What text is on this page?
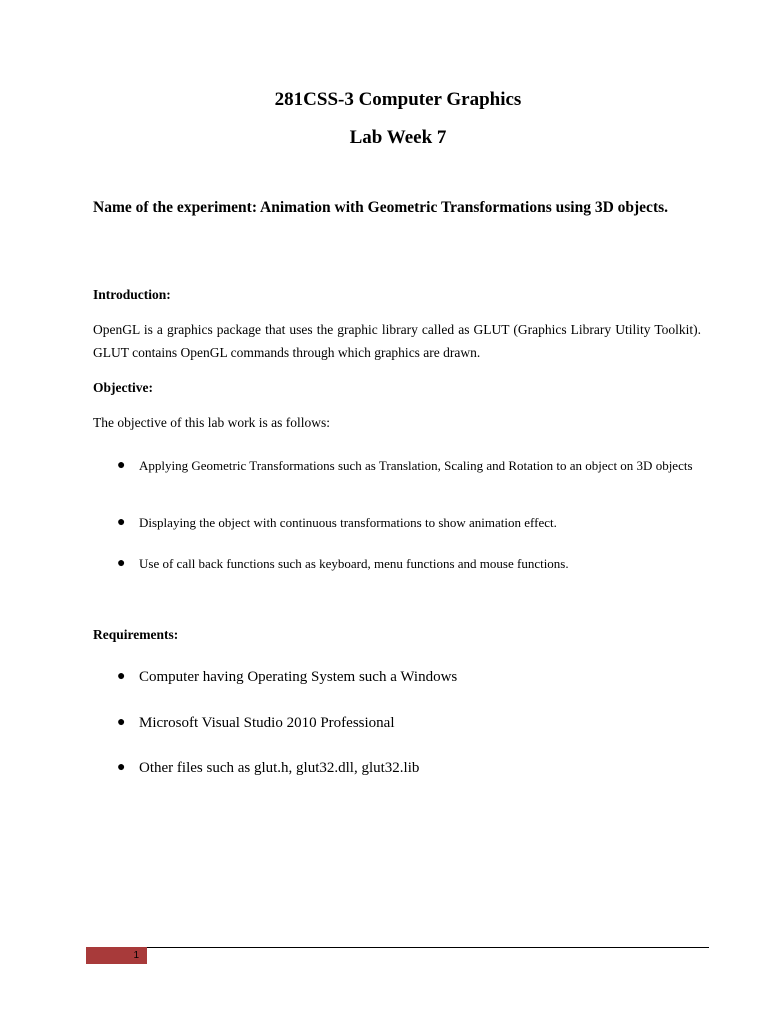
281CSS-3 Computer Graphics
Lab Week 7

Name of the experiment: Animation with Geometric Transformations using 3D objects.

Introduction:

OpenGL is a graphics package that uses the graphic library called as GLUT (Graphics Library Utility Toolkit). GLUT contains OpenGL commands through which graphics are drawn.

Objective:

The objective of this lab work is as follows:

●	Applying Geometric Transformations such as Translation, Scaling and Rotation to an object on 3D objects

●	Displaying the object with continuous transformations to show animation effect.

●	Use of call back functions such as keyboard, menu functions and mouse functions.

Requirements:

● Computer having Operating System such a Windows

● Microsoft Visual Studio 2010 Professional

● Other files such as glut.h, glut32.dll, glut32.lib

1
